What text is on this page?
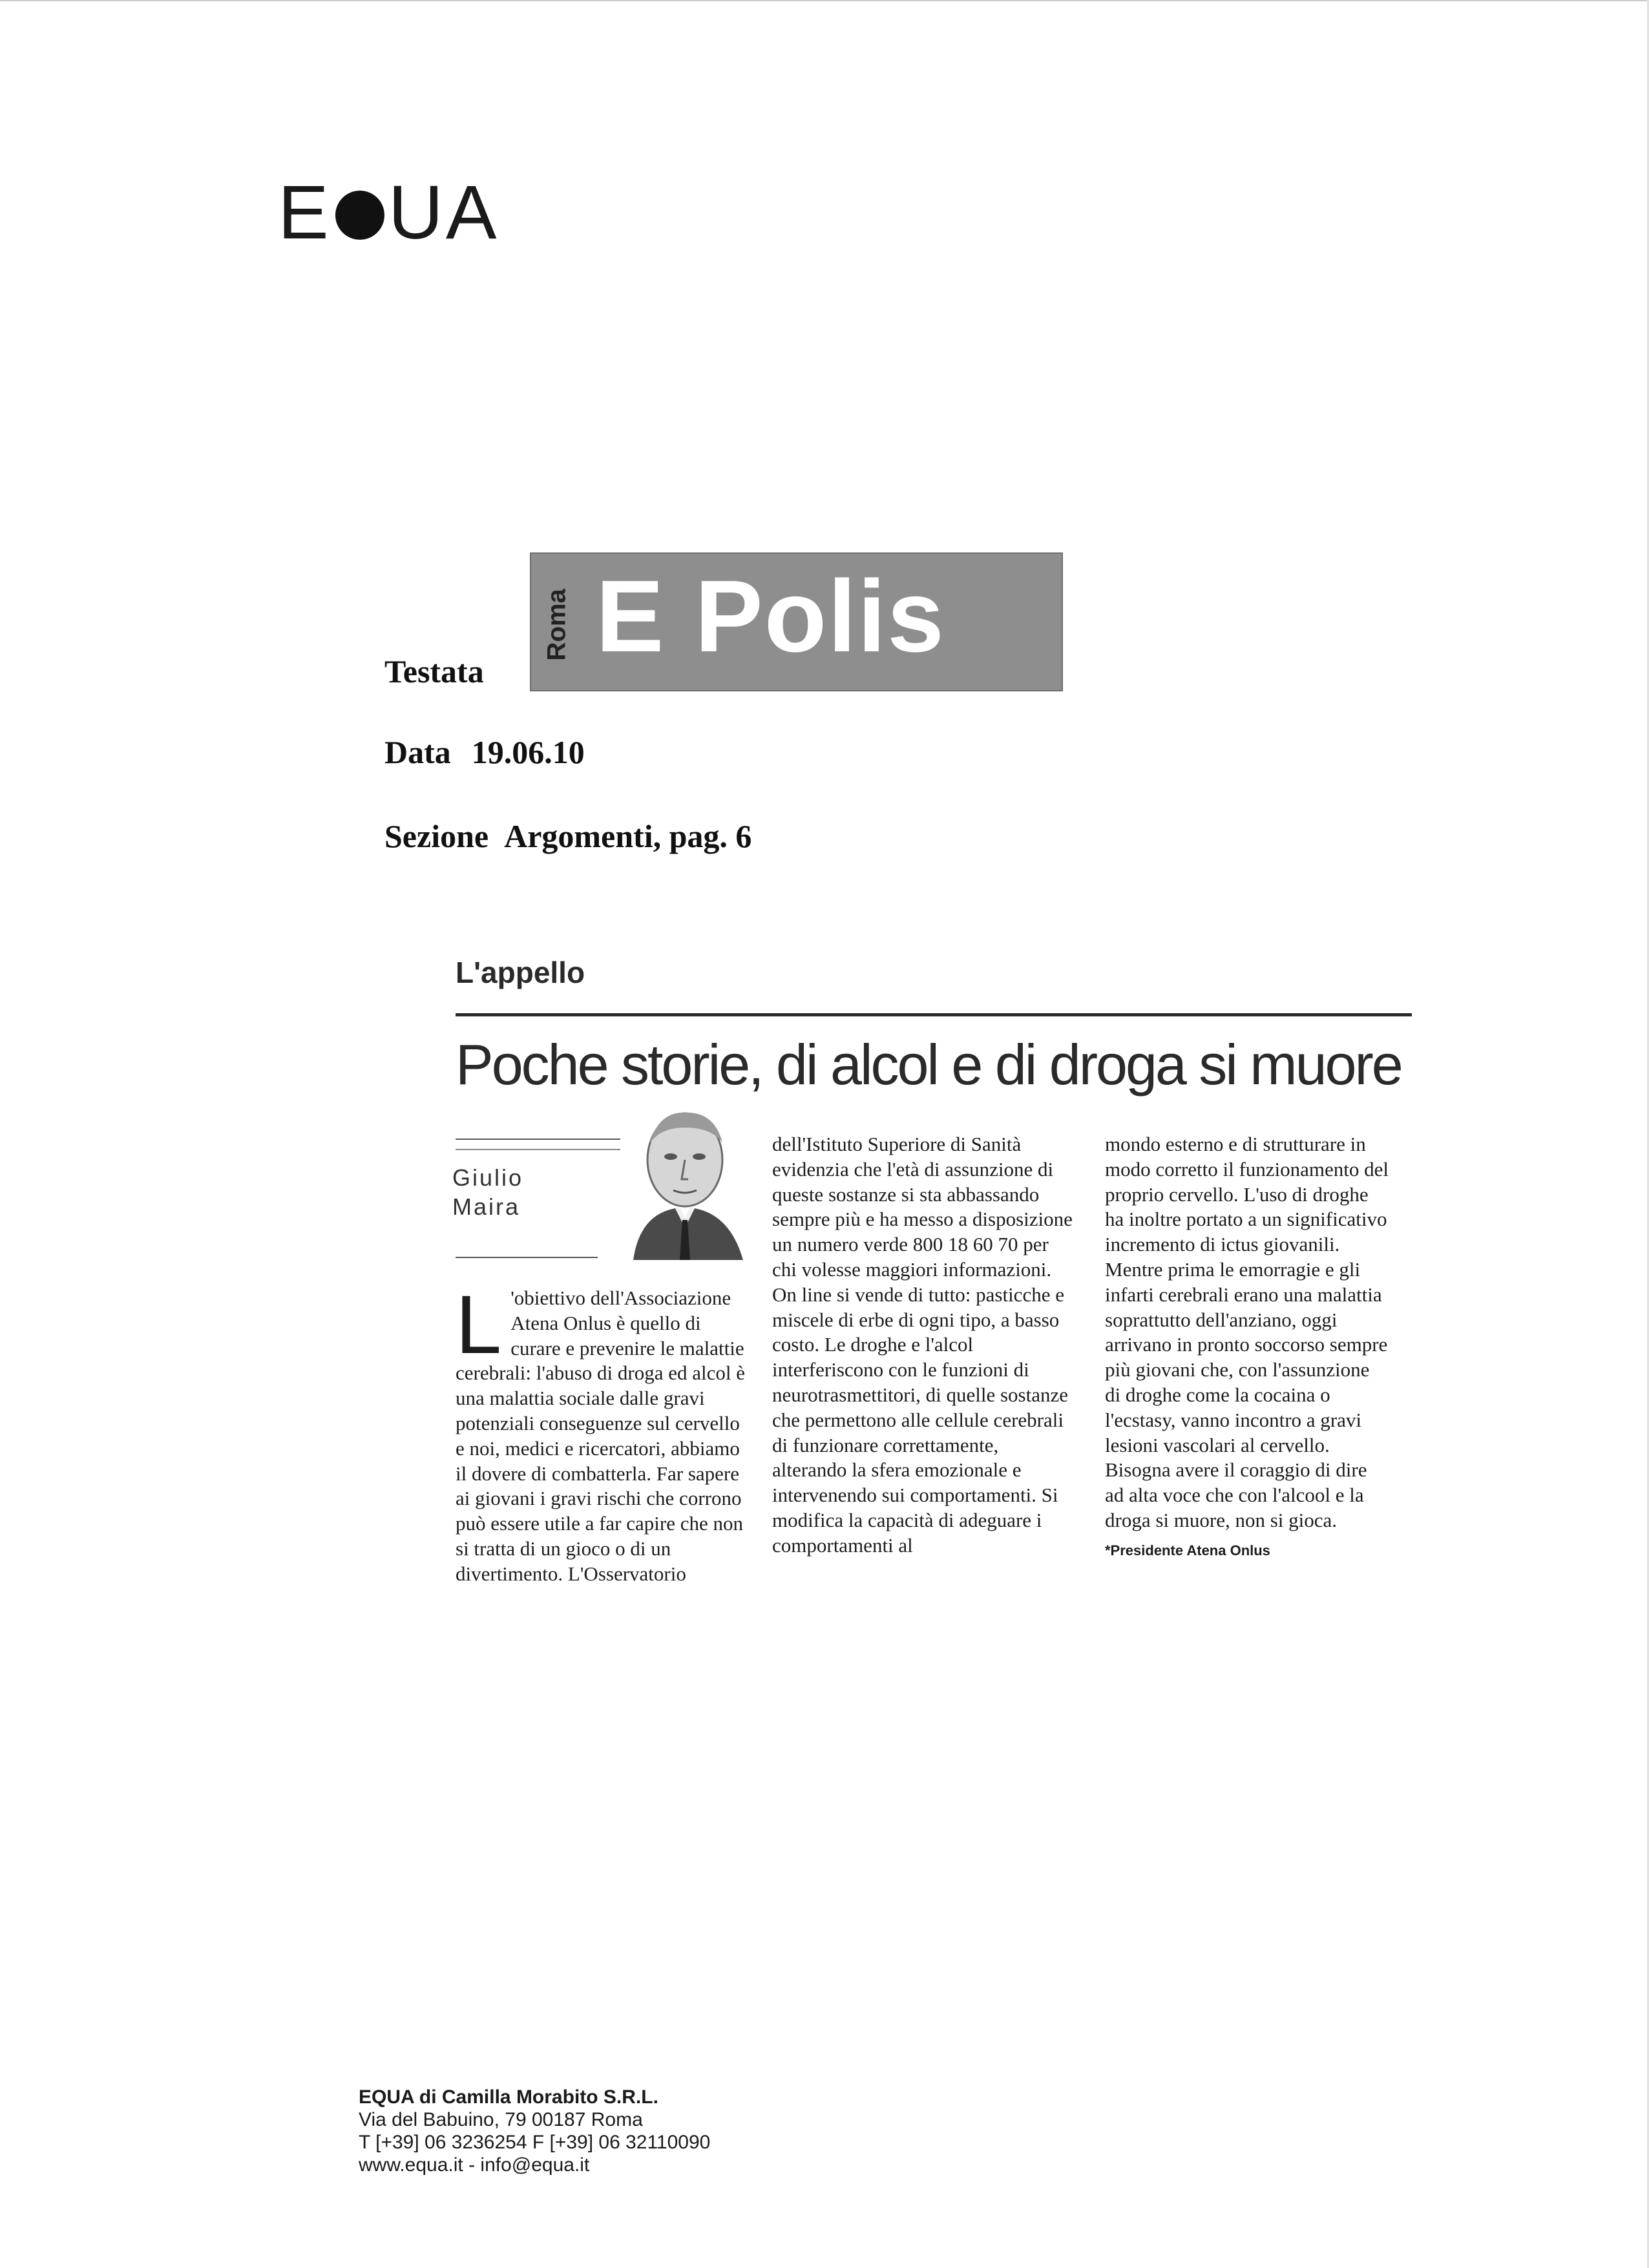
E UA
Roma E Polis
Testata
Data 19.06.10
Sezione Argomenti, pag. 6
L'appello
Poche storie, di alcol e di droga si muore
Giulio
Maira
L 'obiettivo dell'Associazione Atena Onlus è quello di curare e prevenire le malattie cerebrali: l'abuso di droga ed alcol è una malattia sociale dalle gravi potenziali conseguenze sul cervello e noi, medici e ricercatori, abbiamo il dovere di combatterla. Far sapere ai giovani i gravi rischi che corrono può essere utile a far capire che non si tratta di un gioco o di un divertimento. L'Osservatorio
dell'Istituto Superiore di Sanità evidenzia che l'età di assunzione di queste sostanze si sta abbassando sempre più e ha messo a disposizione un numero verde 800 18 60 70 per chi volesse maggiori informazioni. On line si vende di tutto: pasticche e miscele di erbe di ogni tipo, a basso costo. Le droghe e l'alcol interferiscono con le funzioni di neurotrasmettitori, di quelle sostanze che permettono alle cellule cerebrali di funzionare correttamente, alterando la sfera emozionale e intervenendo sui comportamenti. Si modifica la capacità di adeguare i comportamenti al
mondo esterno e di strutturare in modo corretto il funzionamento del proprio cervello. L'uso di droghe ha inoltre portato a un significativo incremento di ictus giovanili. Mentre prima le emorragie e gli infarti cerebrali erano una malattia soprattutto dell'anziano, oggi arrivano in pronto soccorso sempre più giovani che, con l'assunzione di droghe come la cocaina o l'ecstasy, vanno incontro a gravi lesioni vascolari al cervello. Bisogna avere il coraggio di dire ad alta voce che con l'alcool e la droga si muore, non si gioca.
*Presidente Atena Onlus
EQUA di Camilla Morabito S.R.L.
Via del Babuino, 79 00187 Roma
T [+39] 06 3236254 F [+39] 06 32110090
www.equa.it - info@equa.it
